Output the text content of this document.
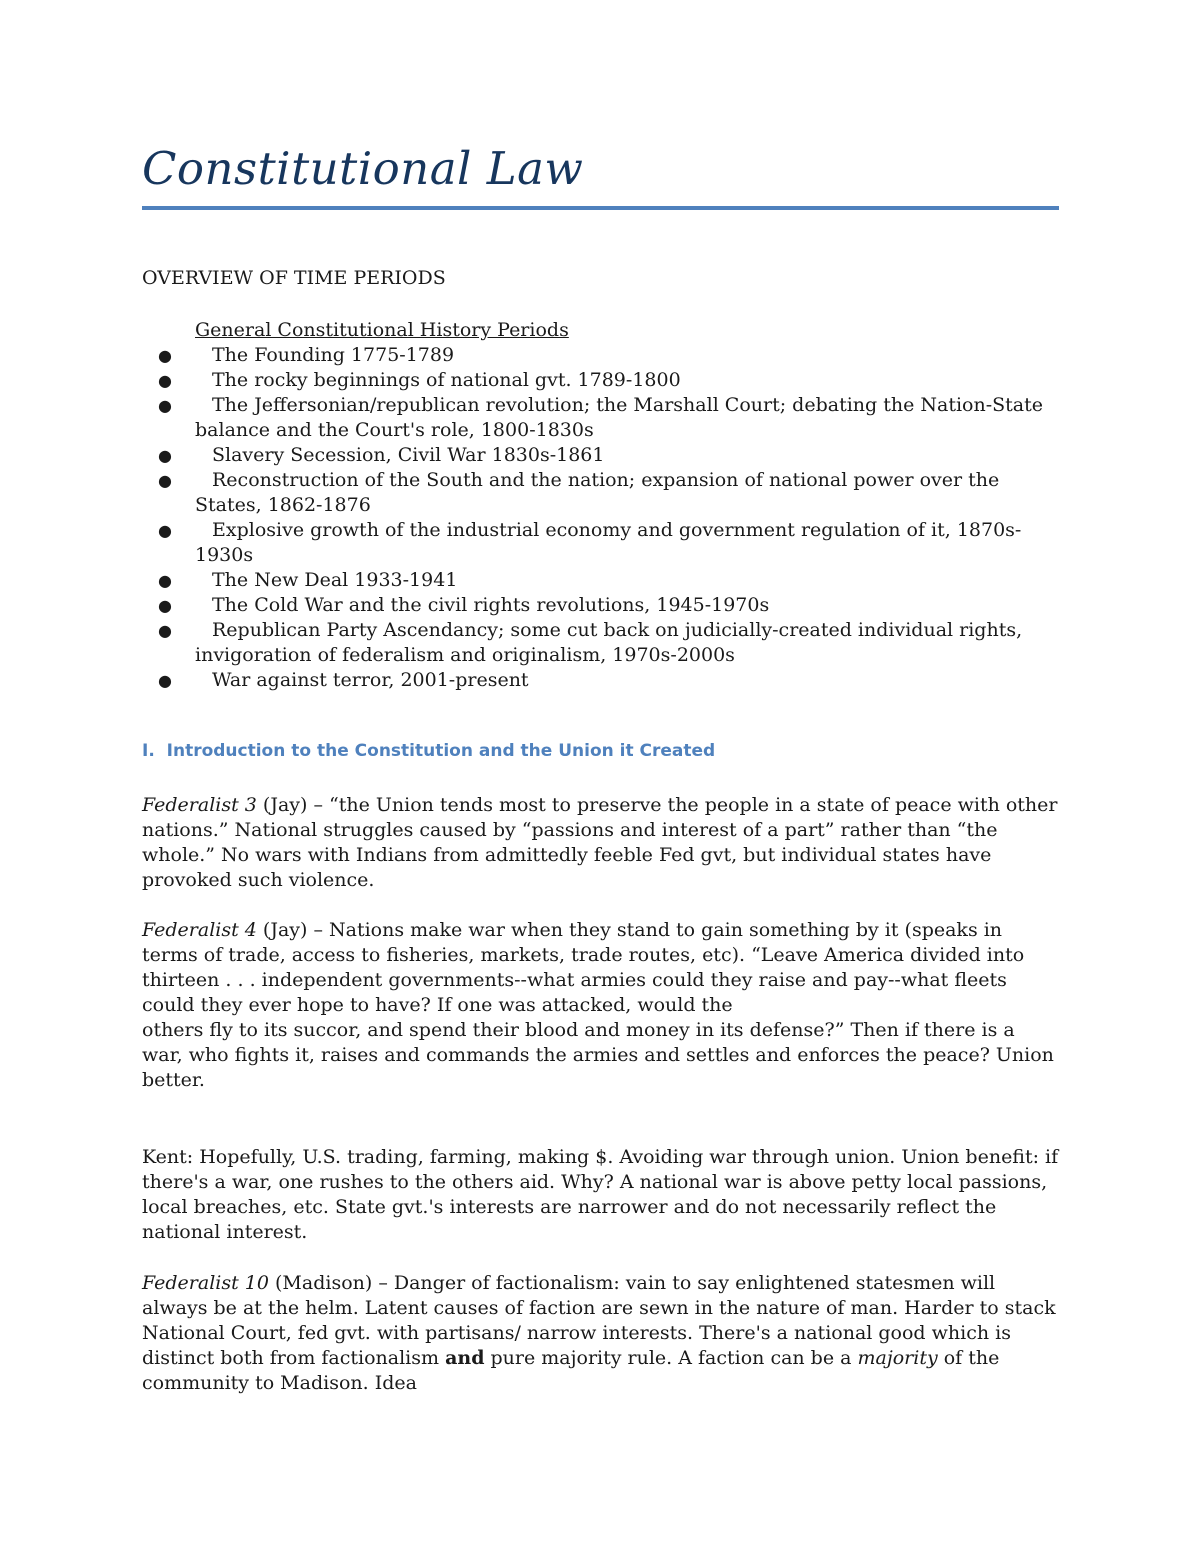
Constitutional Law
OVERVIEW OF TIME PERIODS
General Constitutional History Periods
● The Founding 1775-1789
● The rocky beginnings of national gvt. 1789-1800
● The Jeffersonian/republican revolution; the Marshall Court; debating the Nation-State balance and the Court's role, 1800-1830s
● Slavery Secession, Civil War 1830s-1861
● Reconstruction of the South and the nation; expansion of national power over the States, 1862-1876
● Explosive growth of the industrial economy and government regulation of it, 1870s-1930s
● The New Deal 1933-1941
● The Cold War and the civil rights revolutions, 1945-1970s
● Republican Party Ascendancy; some cut back on judicially-created individual rights, invigoration of federalism and originalism, 1970s-2000s
● War against terror, 2001-present
I. Introduction to the Constitution and the Union it Created

Federalist 3 (Jay) – “the Union tends most to preserve the people in a state of peace with other nations.” National struggles caused by “passions and interest of a part” rather than “the whole.” No wars with Indians from admittedly feeble Fed gvt, but individual states have provoked such violence.

Federalist 4 (Jay) – Nations make war when they stand to gain something by it (speaks in terms of trade, access to fisheries, markets, trade routes, etc). “Leave America divided into thirteen . . . independent governments--what armies could they raise and pay--what fleets could they ever hope to have? If one was attacked, would the

others fly to its succor, and spend their blood and money in its defense?” Then if there is a war, who fights it, raises and commands the armies and settles and enforces the peace? Union better.

Kent: Hopefully, U.S. trading, farming, making $. Avoiding war through union. Union benefit: if there's a war, one rushes to the others aid. Why? A national war is above petty local passions, local breaches, etc. State gvt.'s interests are narrower and do not necessarily reflect the national interest.

Federalist 10 (Madison) – Danger of factionalism: vain to say enlightened statesmen will always be at the helm. Latent causes of faction are sewn in the nature of man. Harder to stack National Court, fed gvt. with partisans/ narrow interests. There's a national good which is distinct both from factionalism and pure majority rule. A faction can be a majority of the community to Madison. Idea
